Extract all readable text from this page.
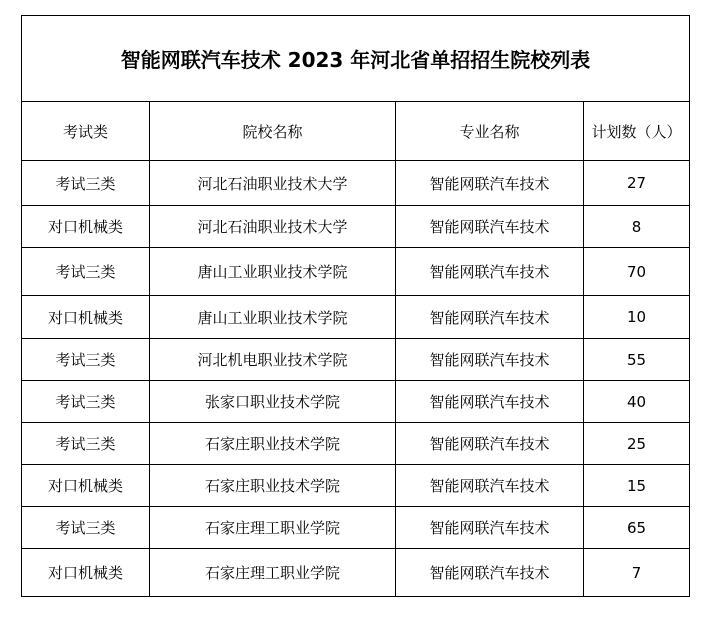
智能网联汽车技术 2023 年河北省单招招生院校列表			
考试类	院校名称	专业名称	计划数（人）
考试三类	河北石油职业技术大学	智能网联汽车技术	27
对口机械类	河北石油职业技术大学	智能网联汽车技术	8
考试三类	唐山工业职业技术学院	智能网联汽车技术	70
对口机械类	唐山工业职业技术学院	智能网联汽车技术	10
考试三类	河北机电职业技术学院	智能网联汽车技术	55
考试三类	张家口职业技术学院	智能网联汽车技术	40
考试三类	石家庄职业技术学院	智能网联汽车技术	25
对口机械类	石家庄职业技术学院	智能网联汽车技术	15
考试三类	石家庄理工职业学院	智能网联汽车技术	65
对口机械类	石家庄理工职业学院	智能网联汽车技术	7
